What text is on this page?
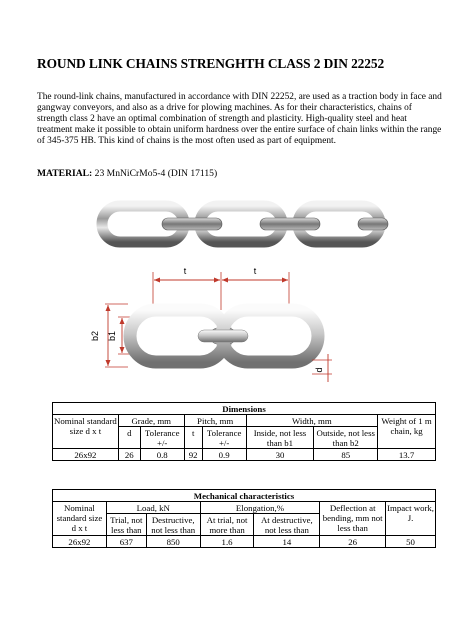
ROUND LINK CHAINS STRENGHTH CLASS 2 DIN 22252
The round-link chains, manufactured in accordance with DIN 22252, are used as a traction body in face and gangway conveyors, and also as a drive for plowing machines. As for their characteristics, chains of strength class 2 have an optimal combination of strength and plasticity. High-quality steel and heat treatment make it possible to obtain uniform hardness over the entire surface of chain links within the range of 345-375 HB. This kind of chains is the most often used as part of equipment.
MATERIAL: 23 MnNiCrMo5-4 (DIN 17115)
t	t
b2 b1
d
Dimensions							
Nominal standard size d x t	Grade, mm		Pitch, mm		Width, mm		Weight of 1 m chain, kg
	d	Tolerance +/-	t	Tolerance +/-	Inside, not less than b1	Outside, not less than b2	
26x92	26	0.8	92	0.9	30	85	13.7
Mechanical characteristics						
Nominal standard size d x t	Load, kN		Elongation,%		Deflection at bending, mm not less than	Impact work, J.
	Trial, not less than	Destructive, not less than	At trial, not more than	At destructive, not less than		
26x92	637	850	1.6	14	26	50
